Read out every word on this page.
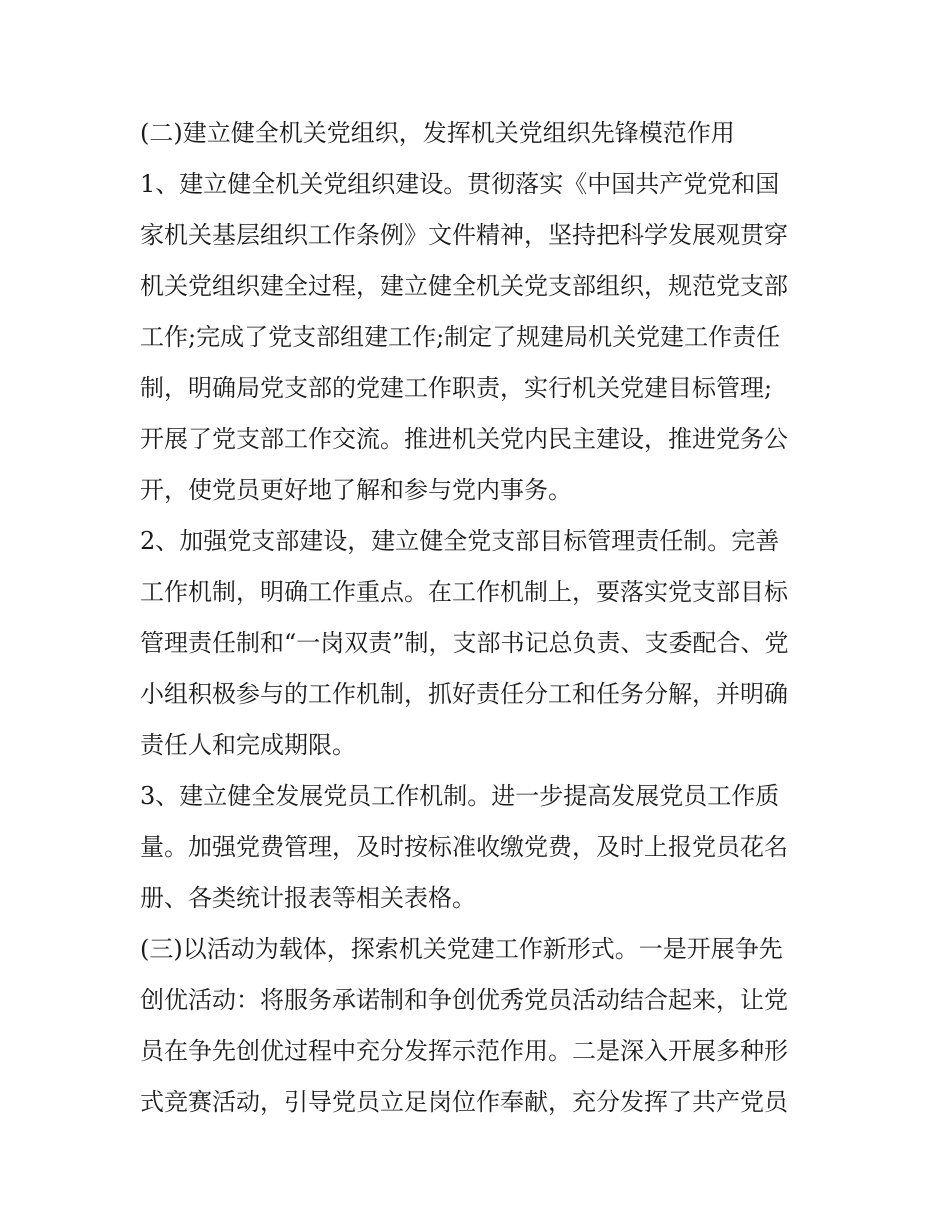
(二)建立健全机关党组织，发挥机关党组织先锋模范作用
1、建立健全机关党组织建设。贯彻落实《中国共产党党和国
家机关基层组织工作条例》文件精神，坚持把科学发展观贯穿
机关党组织建全过程，建立健全机关党支部组织，规范党支部
工作;完成了党支部组建工作;制定了规建局机关党建工作责任
制，明确局党支部的党建工作职责，实行机关党建目标管理;
开展了党支部工作交流。推进机关党内民主建设，推进党务公
开，使党员更好地了解和参与党内事务。
2、加强党支部建设，建立健全党支部目标管理责任制。完善
工作机制，明确工作重点。在工作机制上，要落实党支部目标
管理责任制和“一岗双责”制，支部书记总负责、支委配合、党
小组积极参与的工作机制，抓好责任分工和任务分解，并明确
责任人和完成期限。
3、建立健全发展党员工作机制。进一步提高发展党员工作质
量。加强党费管理，及时按标准收缴党费，及时上报党员花名
册、各类统计报表等相关表格。
(三)以活动为载体，探索机关党建工作新形式。一是开展争先
创优活动：将服务承诺制和争创优秀党员活动结合起来，让党
员在争先创优过程中充分发挥示范作用。二是深入开展多种形
式竞赛活动，引导党员立足岗位作奉献，充分发挥了共产党员
